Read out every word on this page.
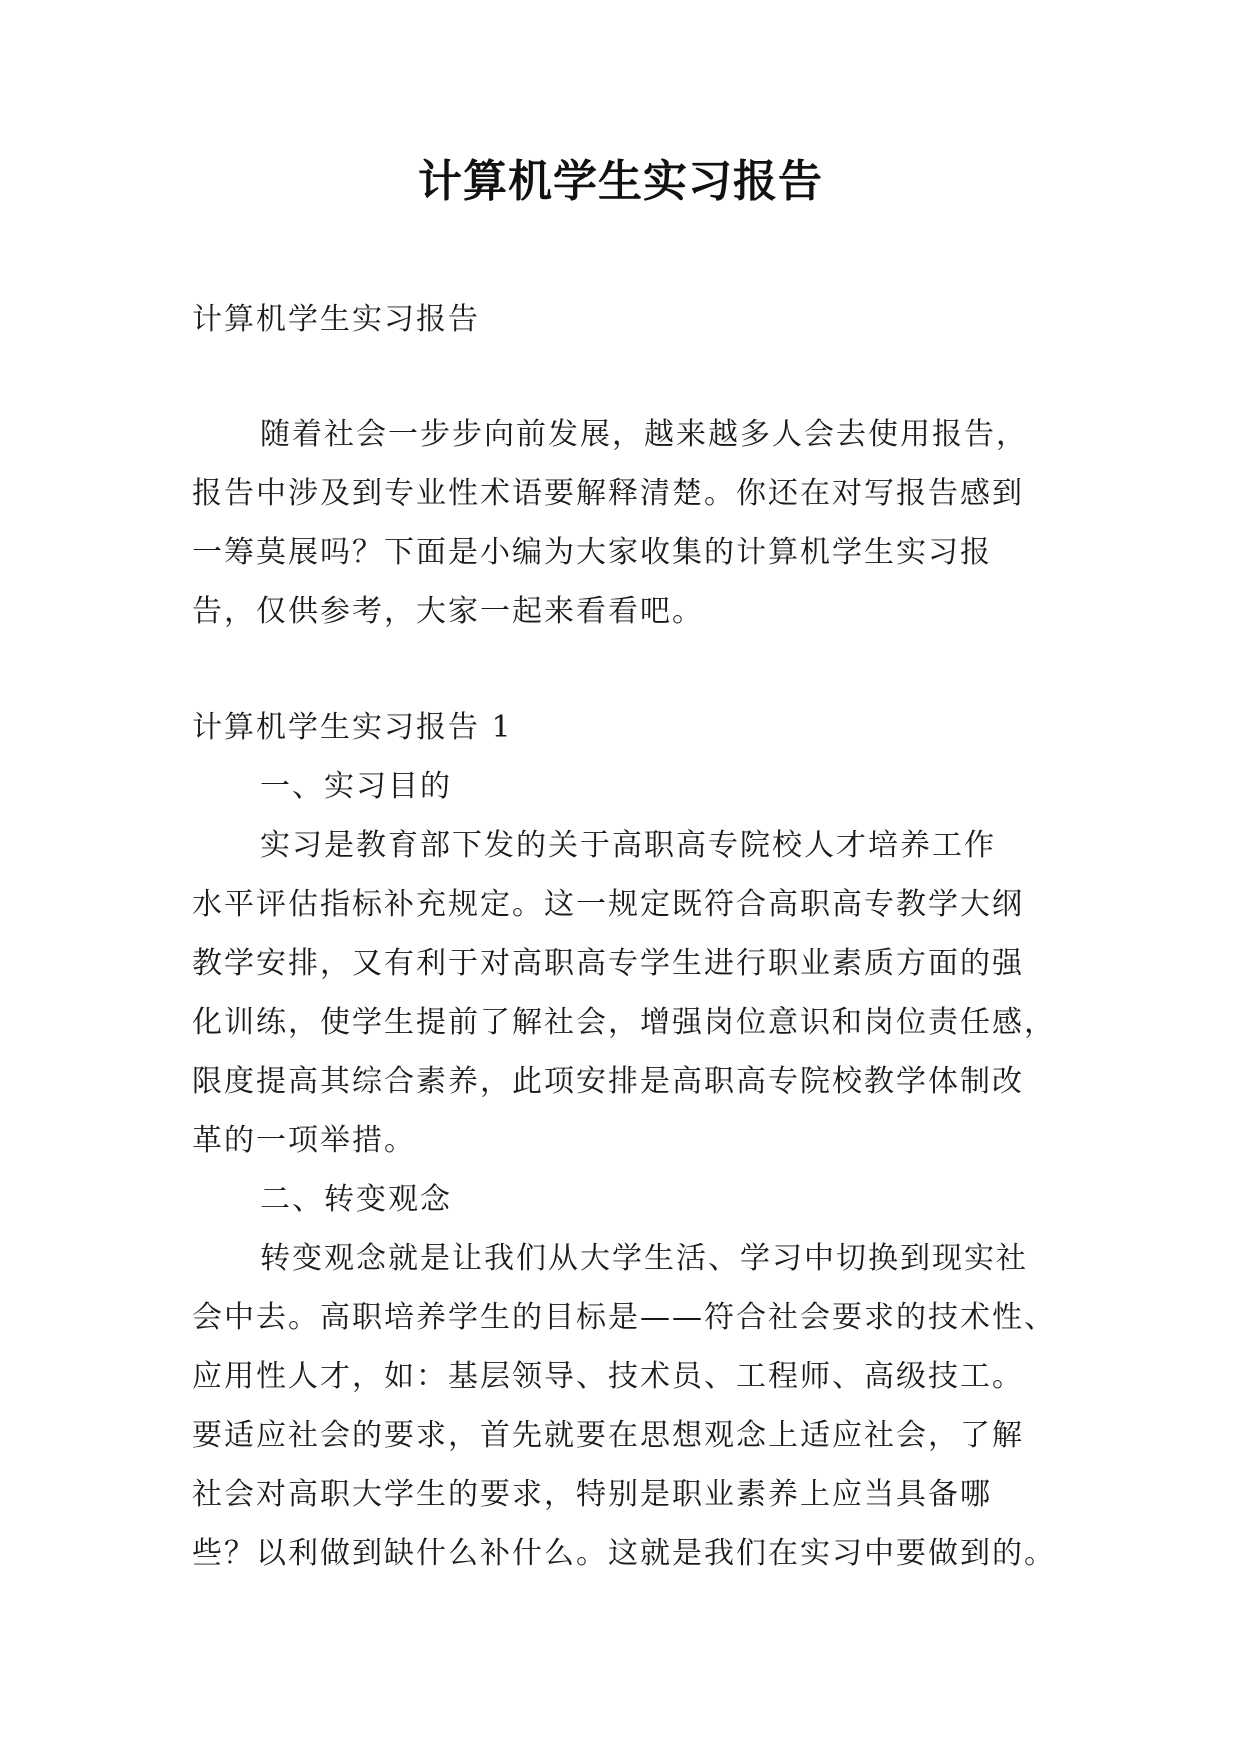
计算机学生实习报告

计算机学生实习报告

随着社会一步步向前发展，越来越多人会去使用报告，
报告中涉及到专业性术语要解释清楚。你还在对写报告感到
一筹莫展吗？下面是小编为大家收集的计算机学生实习报
告，仅供参考，大家一起来看看吧。
计算机学生实习报告 1
一、实习目的
实习是教育部下发的关于高职高专院校人才培养工作
水平评估指标补充规定。这一规定既符合高职高专教学大纲
教学安排，又有利于对高职高专学生进行职业素质方面的强
化训练，使学生提前了解社会，增强岗位意识和岗位责任感，
限度提高其综合素养，此项安排是高职高专院校教学体制改
革的一项举措。
二、转变观念
转变观念就是让我们从大学生活、学习中切换到现实社
会中去。高职培养学生的目标是——符合社会要求的技术性、
应用性人才，如：基层领导、技术员、工程师、高级技工。
要适应社会的要求，首先就要在思想观念上适应社会，了解
社会对高职大学生的要求，特别是职业素养上应当具备哪
些？以利做到缺什么补什么。这就是我们在实习中要做到的。
